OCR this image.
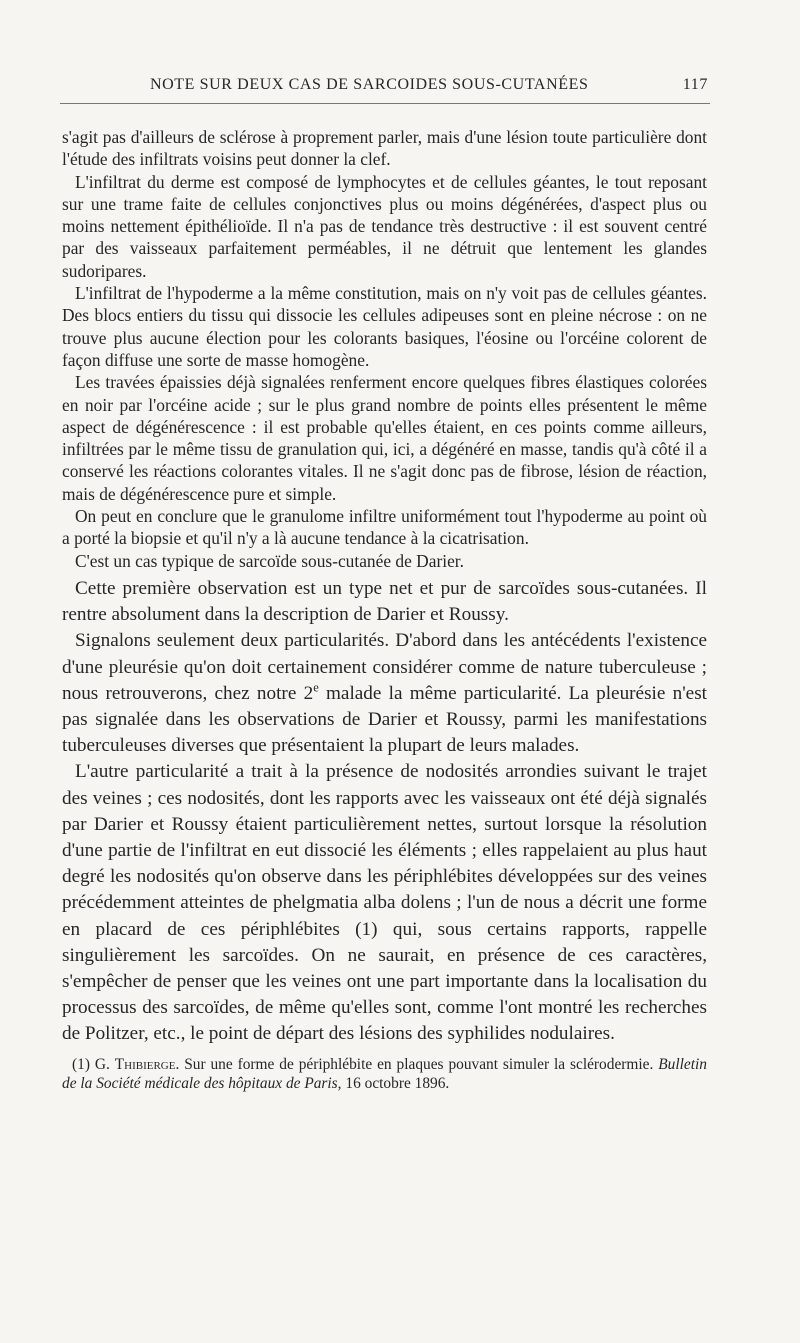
NOTE SUR DEUX CAS DE SARCOIDES SOUS-CUTANÉES	117

s'agit pas d'ailleurs de sclérose à proprement parler, mais d'une lésion toute particulière dont l'étude des infiltrats voisins peut donner la clef.

L'infiltrat du derme est composé de lymphocytes et de cellules géantes, le tout reposant sur une trame faite de cellules conjonctives plus ou moins dégénérées, d'aspect plus ou moins nettement épithélioïde. Il n'a pas de tendance très destructive : il est souvent centré par des vaisseaux parfaitement perméables, il ne détruit que lentement les glandes sudoripares.

L'infiltrat de l'hypoderme a la même constitution, mais on n'y voit pas de cellules géantes. Des blocs entiers du tissu qui dissocie les cellules adipeuses sont en pleine nécrose : on ne trouve plus aucune élection pour les colorants basiques, l'éosine ou l'orcéine colorent de façon diffuse une sorte de masse homogène.

Les travées épaissies déjà signalées renferment encore quelques fibres élastiques colorées en noir par l'orcéine acide ; sur le plus grand nombre de points elles présentent le même aspect de dégénérescence : il est probable qu'elles étaient, en ces points comme ailleurs, infiltrées par le même tissu de granulation qui, ici, a dégénéré en masse, tandis qu'à côté il a conservé les réactions colorantes vitales. Il ne s'agit donc pas de fibrose, lésion de réaction, mais de dégénérescence pure et simple.

On peut en conclure que le granulome infiltre uniformément tout l'hypoderme au point où a porté la biopsie et qu'il n'y a là aucune tendance à la cicatrisation.

C'est un cas typique de sarcoïde sous-cutanée de Darier.

Cette première observation est un type net et pur de sarcoïdes sous-cutanées. Il rentre absolument dans la description de Darier et Roussy.

Signalons seulement deux particularités. D'abord dans les antécédents l'existence d'une pleurésie qu'on doit certainement considérer comme de nature tuberculeuse ; nous retrouverons, chez notre 2e malade la même particularité. La pleurésie n'est pas signalée dans les observations de Darier et Roussy, parmi les manifestations tuberculeuses diverses que présentaient la plupart de leurs malades.

L'autre particularité a trait à la présence de nodosités arrondies suivant le trajet des veines ; ces nodosités, dont les rapports avec les vaisseaux ont été déjà signalés par Darier et Roussy étaient particulièrement nettes, surtout lorsque la résolution d'une partie de l'infiltrat en eut dissocié les éléments ; elles rappelaient au plus haut degré les nodosités qu'on observe dans les périphlébites développées sur des veines précédemment atteintes de phelgmatia alba dolens ; l'un de nous a décrit une forme en placard de ces périphlébites (1) qui, sous certains rapports, rappelle singulièrement les sarcoïdes. On ne saurait, en présence de ces caractères, s'empêcher de penser que les veines ont une part importante dans la localisation du processus des sarcoïdes, de même qu'elles sont, comme l'ont montré les recherches de Politzer, etc., le point de départ des lésions des syphilides nodulaires.

(1) G. Thibierge. Sur une forme de périphlébite en plaques pouvant simuler la sclérodermie. Bulletin de la Société médicale des hôpitaux de Paris, 16 octobre 1896.
